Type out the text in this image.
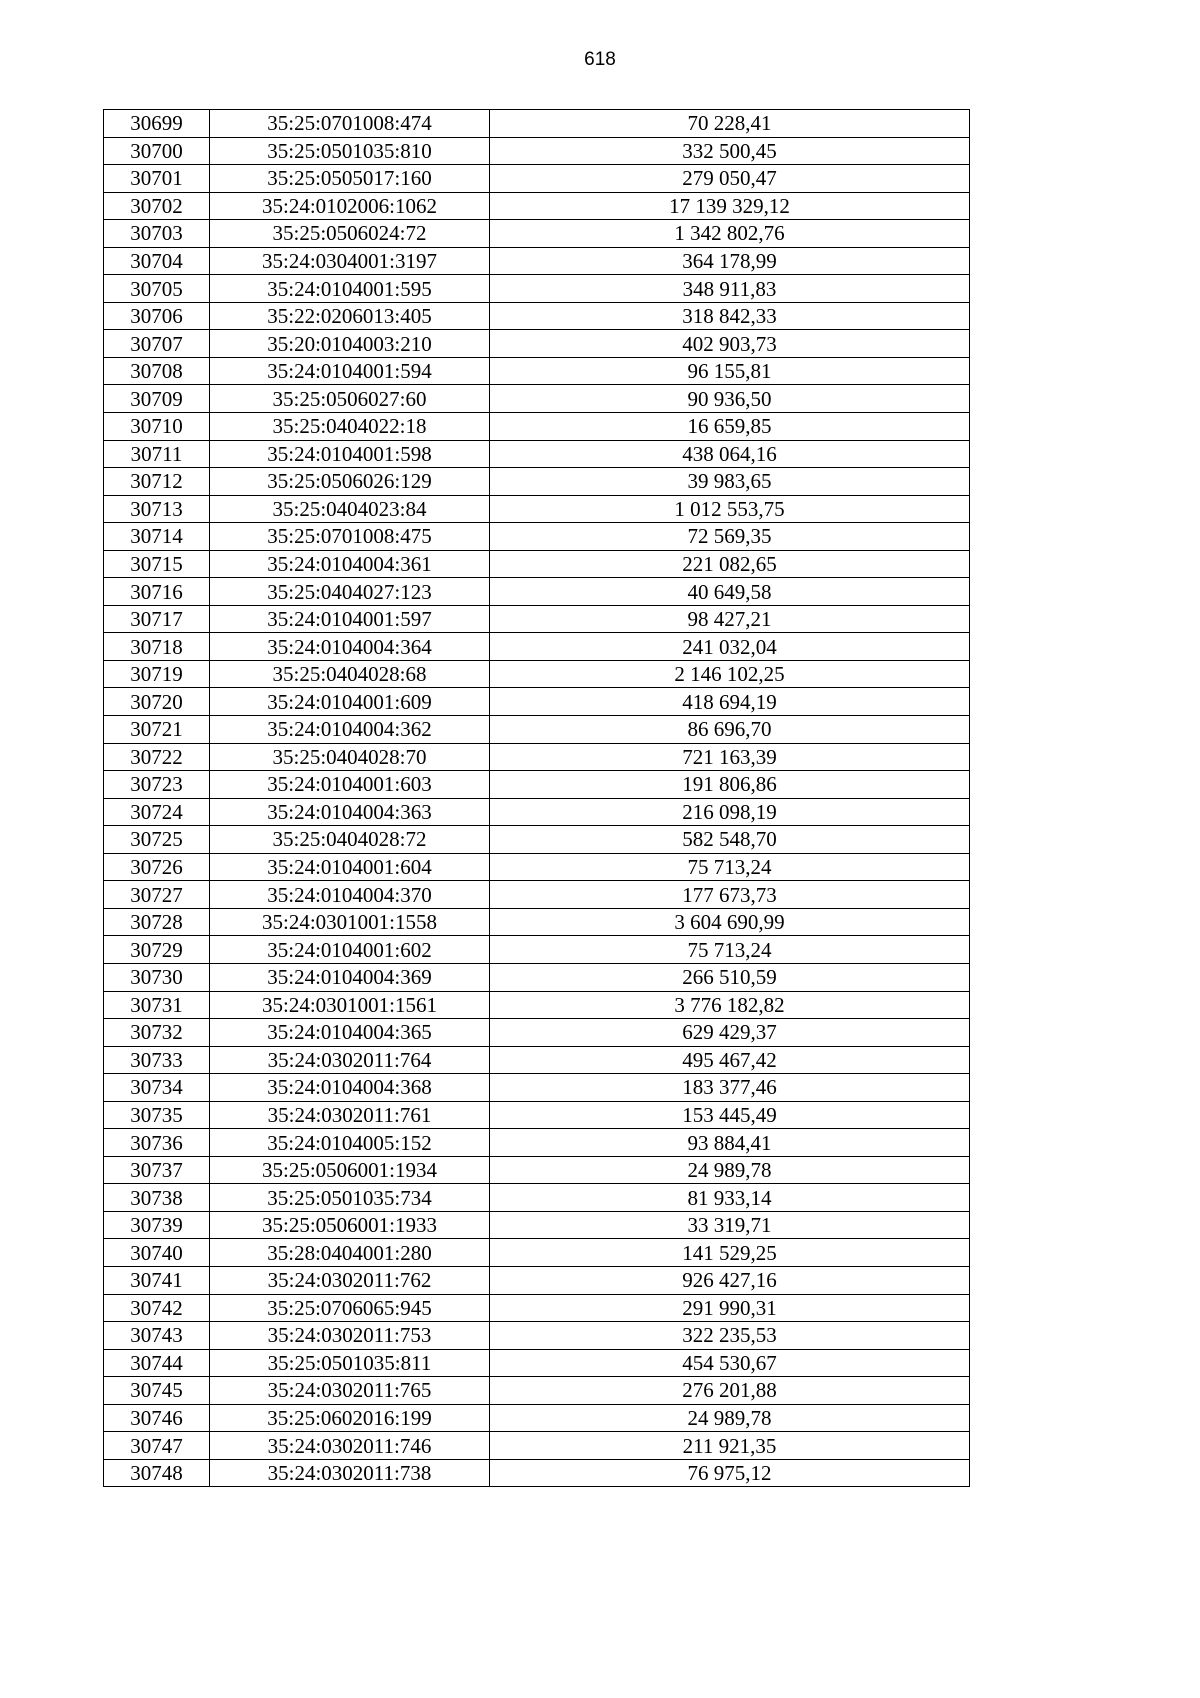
618
30699	35:25:0701008:474	70 228,41
30700	35:25:0501035:810	332 500,45
30701	35:25:0505017:160	279 050,47
30702	35:24:0102006:1062	17 139 329,12
30703	35:25:0506024:72	1 342 802,76
30704	35:24:0304001:3197	364 178,99
30705	35:24:0104001:595	348 911,83
30706	35:22:0206013:405	318 842,33
30707	35:20:0104003:210	402 903,73
30708	35:24:0104001:594	96 155,81
30709	35:25:0506027:60	90 936,50
30710	35:25:0404022:18	16 659,85
30711	35:24:0104001:598	438 064,16
30712	35:25:0506026:129	39 983,65
30713	35:25:0404023:84	1 012 553,75
30714	35:25:0701008:475	72 569,35
30715	35:24:0104004:361	221 082,65
30716	35:25:0404027:123	40 649,58
30717	35:24:0104001:597	98 427,21
30718	35:24:0104004:364	241 032,04
30719	35:25:0404028:68	2 146 102,25
30720	35:24:0104001:609	418 694,19
30721	35:24:0104004:362	86 696,70
30722	35:25:0404028:70	721 163,39
30723	35:24:0104001:603	191 806,86
30724	35:24:0104004:363	216 098,19
30725	35:25:0404028:72	582 548,70
30726	35:24:0104001:604	75 713,24
30727	35:24:0104004:370	177 673,73
30728	35:24:0301001:1558	3 604 690,99
30729	35:24:0104001:602	75 713,24
30730	35:24:0104004:369	266 510,59
30731	35:24:0301001:1561	3 776 182,82
30732	35:24:0104004:365	629 429,37
30733	35:24:0302011:764	495 467,42
30734	35:24:0104004:368	183 377,46
30735	35:24:0302011:761	153 445,49
30736	35:24:0104005:152	93 884,41
30737	35:25:0506001:1934	24 989,78
30738	35:25:0501035:734	81 933,14
30739	35:25:0506001:1933	33 319,71
30740	35:28:0404001:280	141 529,25
30741	35:24:0302011:762	926 427,16
30742	35:25:0706065:945	291 990,31
30743	35:24:0302011:753	322 235,53
30744	35:25:0501035:811	454 530,67
30745	35:24:0302011:765	276 201,88
30746	35:25:0602016:199	24 989,78
30747	35:24:0302011:746	211 921,35
30748	35:24:0302011:738	76 975,12
